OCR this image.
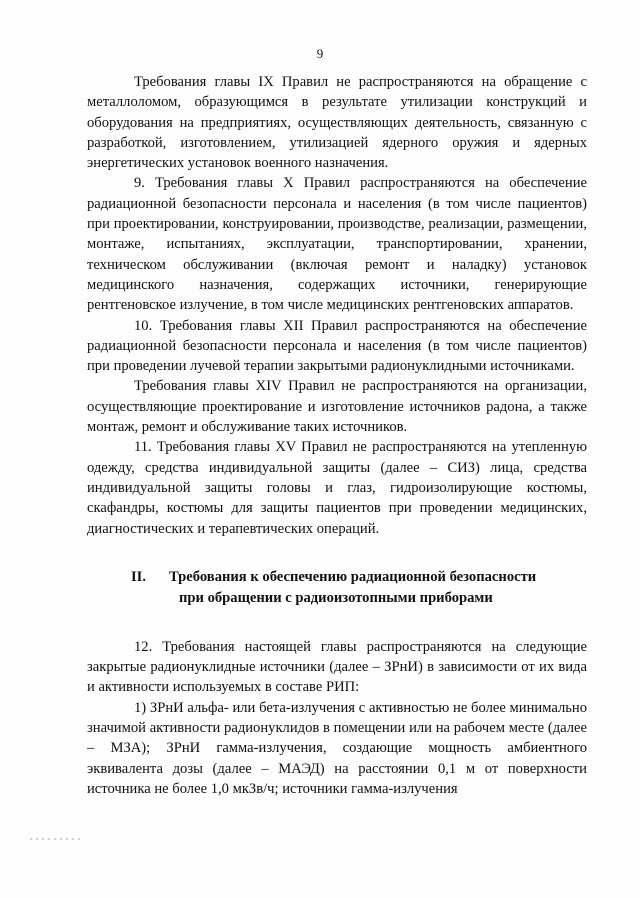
9

Требования главы IX Правил не распространяются на обращение с металлоломом, образующимся в результате утилизации конструкций и оборудования на предприятиях, осуществляющих деятельность, связанную с разработкой, изготовлением, утилизацией ядерного оружия и ядерных энергетических установок военного назначения.

9. Требования главы X Правил распространяются на обеспечение радиационной безопасности персонала и населения (в том числе пациентов) при проектировании, конструировании, производстве, реализации, размещении, монтаже, испытаниях, эксплуатации, транспортировании, хранении, техническом обслуживании (включая ремонт и наладку) установок медицинского назначения, содержащих источники, генерирующие рентгеновское излучение, в том числе медицинских рентгеновских аппаратов.

10. Требования главы XII Правил распространяются на обеспечение радиационной безопасности персонала и населения (в том числе пациентов) при проведении лучевой терапии закрытыми радионуклидными источниками.

Требования главы XIV Правил не распространяются на организации, осуществляющие проектирование и изготовление источников радона, а также монтаж, ремонт и обслуживание таких источников.

11. Требования главы XV Правил не распространяются на утепленную одежду, средства индивидуальной защиты (далее – СИЗ) лица, средства индивидуальной защиты головы и глаз, гидроизолирующие костюмы, скафандры, костюмы для защиты пациентов при проведении медицинских, диагностических и терапевтических операций.

II. Требования к обеспечению радиационной безопасности
при обращении с радиоизотопными приборами

12. Требования настоящей главы распространяются на следующие закрытые радионуклидные источники (далее – ЗРнИ) в зависимости от их вида и активности используемых в составе РИП:

1) ЗРнИ альфа- или бета-излучения с активностью не более минимально значимой активности радионуклидов в помещении или на рабочем месте (далее – МЗА); ЗРнИ гамма-излучения, создающие мощность амбиентного эквивалента дозы (далее – МАЭД) на расстоянии 0,1 м от поверхности источника не более 1,0 мкЗв/ч; источники гамма-излучения
